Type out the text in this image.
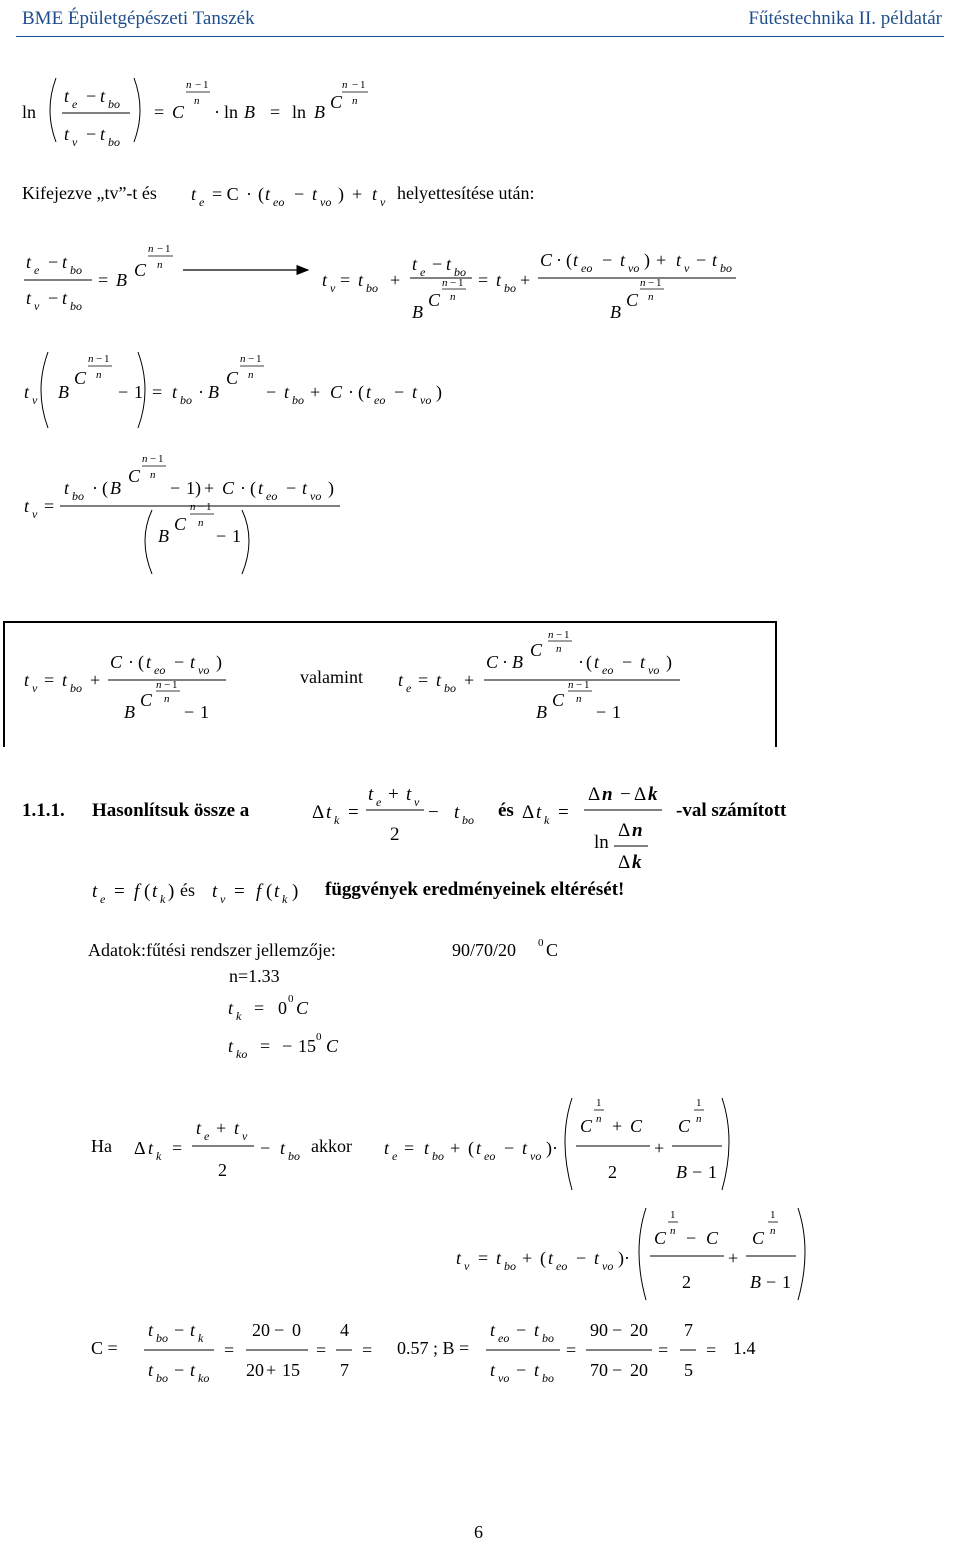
BME Épületgépészeti Tanszék	Fűtéstechnika II. példatár
Kifejezve „tv”-t és	helyettesítése után:
valamint
1.1.1. Hasonlítsuk össze a	és	-val számított
és	függvények eredményeinek eltérését!
Adatok:fűtési rendszer jellemzője:	90/70/20 C
n=1.33
Ha	akkor
C =	0.57 ; B =	1.4
6
ln
t e − t bo
t v − t bo
= C
n − 1
n
· ln B = ln B C
n − 1
n
t e = C · ( t eo − t vo ) + t v
t e − t bo
t v − t bo
= B C
n − 1
n
t v = t bo +
t e − t bo
B
C
n − 1
n
= t bo +
C · ( t eo − t vo ) + t v − t bo
B
C
n − 1
n
t v B
C
n − 1
n
− 1 = t bo · B
C
n − 1
n
− t bo + C · ( t eo − t vo )
t v =
t bo · ( B
C
n − 1
n
− 1) + C · ( t eo − t vo )
B
C
n − 1
n
− 1
t v = t bo +
C · ( t eo − t vo )
B
C
n − 1
n
− 1
t e = t bo +
C · B
C
n − 1
n
· ( t eo − t vo )
B
C
n − 1
n
− 1
Δ t k =
t e + t v
2
− t bo	Δ t k =
Δ n − Δ k
ln
Δ n
Δ k
t e = f ( t k ) t v = f ( t k )
0
t k = 0 0 C
t ko = − 15 0 C
Δ t k =
t e + t v
2
− t bo	t e = t bo + ( t eo − t vo )·
C
1
n + C
2
+
C
1
n
B − 1
t v = t bo + ( t eo − t vo )·
C
1
n − C
2
+
C
1
n
B − 1
t bo − t k
t bo − t ko
=
20 − 0
20 + 15
=
4
7
=
t eo − t bo
t vo − t bo
=
90 − 20
70 − 20
=
7
5
=
